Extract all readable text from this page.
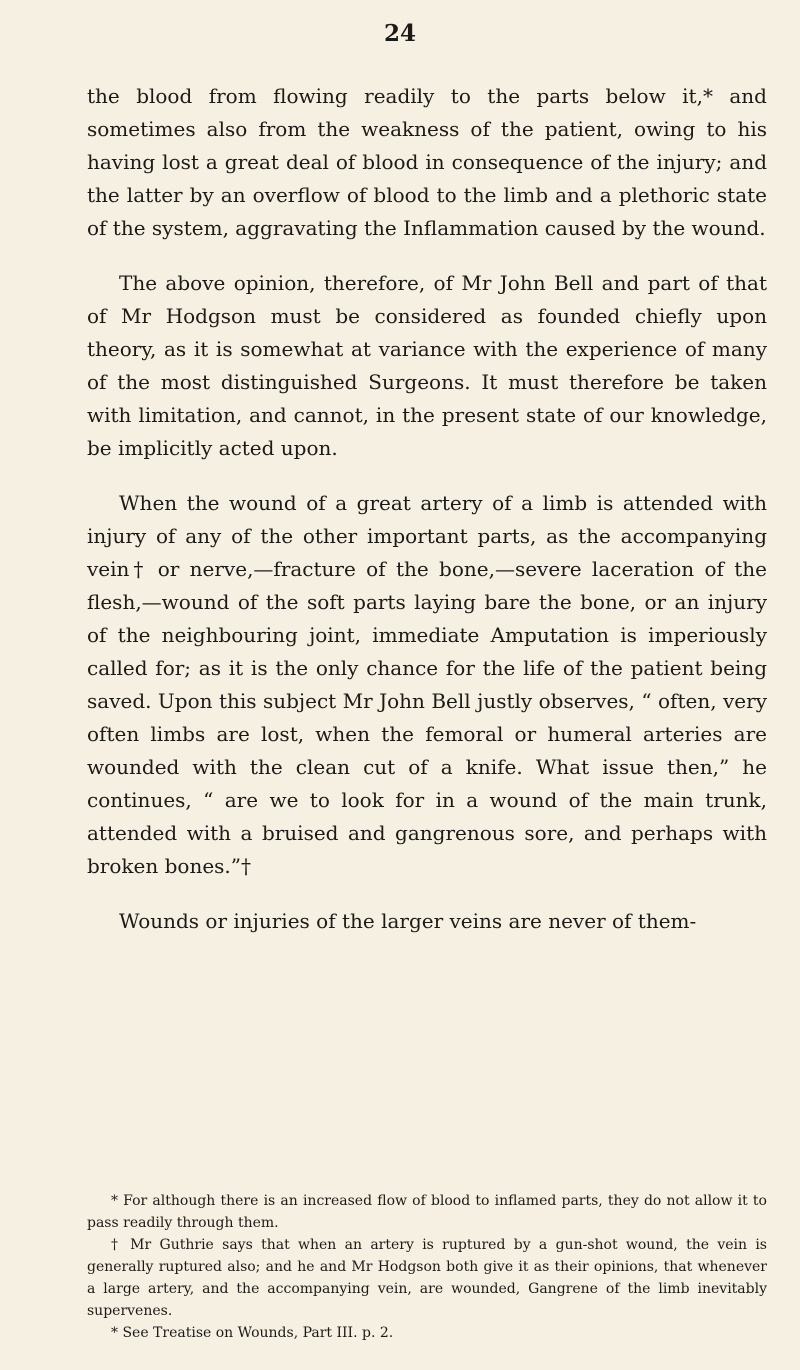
24

the blood from flowing readily to the parts below it,* and sometimes also from the weakness of the patient, owing to his having lost a great deal of blood in consequence of the injury; and the latter by an overflow of blood to the limb and a plethoric state of the system, aggravating the Inflammation caused by the wound.

The above opinion, therefore, of Mr John Bell and part of that of Mr Hodgson must be considered as founded chiefly upon theory, as it is somewhat at variance with the experience of many of the most distinguished Surgeons. It must therefore be taken with limitation, and cannot, in the present state of our knowledge, be implicitly acted upon.

When the wound of a great artery of a limb is attended with injury of any of the other important parts, as the accompanying vein† or nerve,—fracture of the bone,—severe laceration of the flesh,—wound of the soft parts laying bare the bone, or an injury of the neighbouring joint, immediate Amputation is imperiously called for; as it is the only chance for the life of the patient being saved. Upon this subject Mr John Bell justly observes, “ often, very often limbs are lost, when the femoral or humeral arteries are wounded with the clean cut of a knife. What issue then,” he continues, “ are we to look for in a wound of the main trunk, attended with a bruised and gangrenous sore, and perhaps with broken bones.”†

Wounds or injuries of the larger veins are never of them-

* For although there is an increased flow of blood to inflamed parts, they do not allow it to pass readily through them.

† Mr Guthrie says that when an artery is ruptured by a gun-shot wound, the vein is generally ruptured also; and he and Mr Hodgson both give it as their opinions, that whenever a large artery, and the accompanying vein, are wounded, Gangrene of the limb inevitably supervenes.

* See Treatise on Wounds, Part III. p. 2.
